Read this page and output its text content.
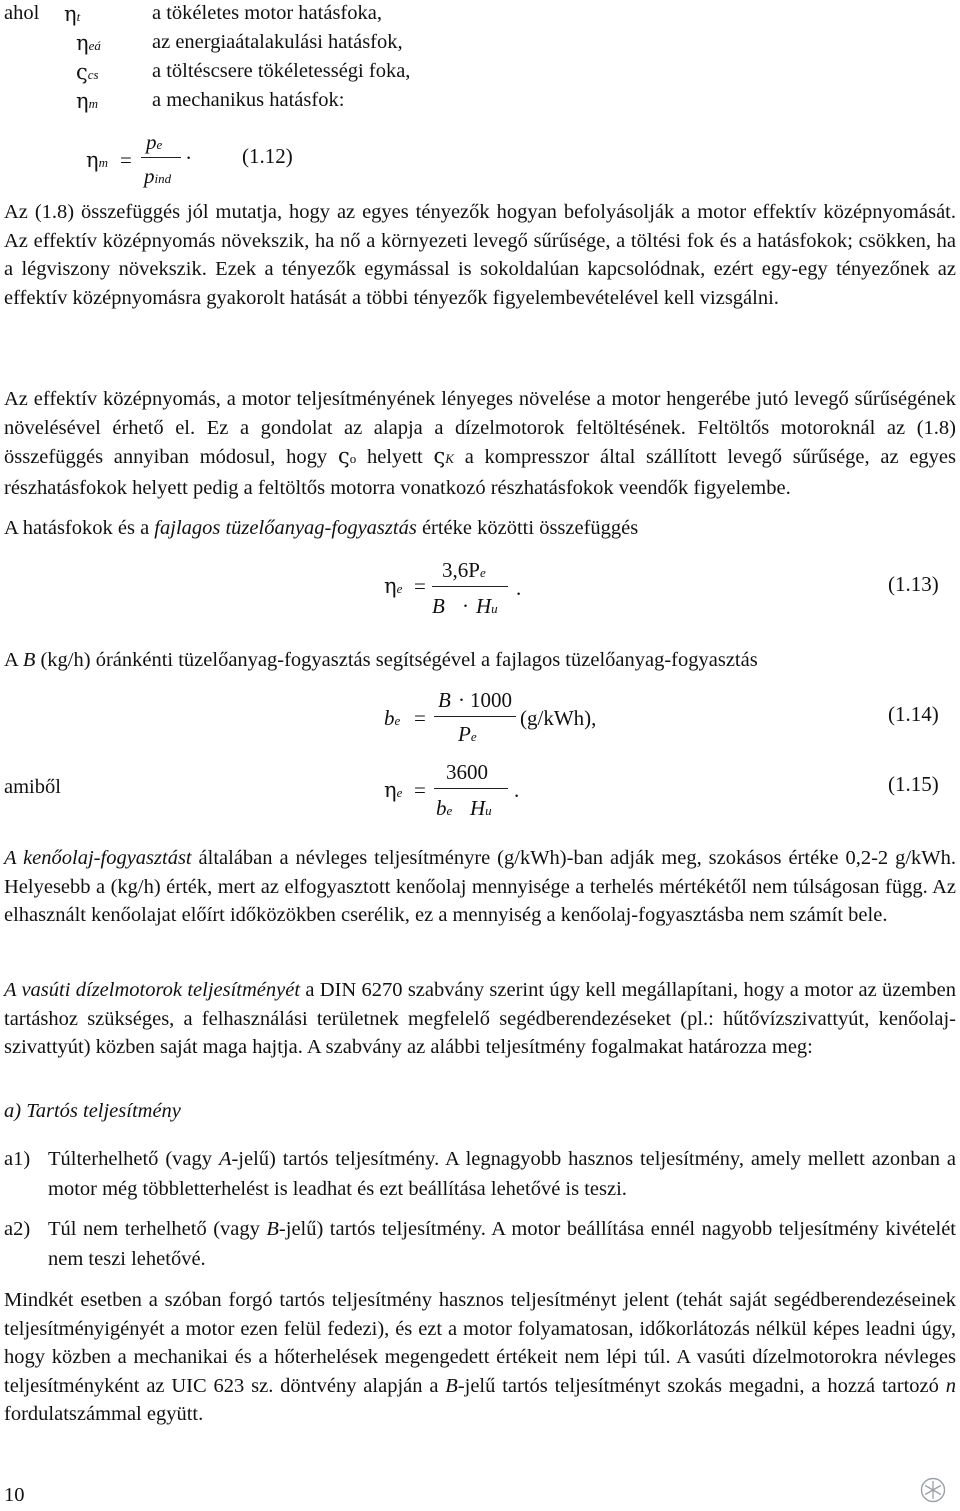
ahol ηt	a tökéletes motor hatásfoka,
ηeá az energiaátalakulási hatásfok,
ςcs	a töltéscsere tökéletességi foka,
ηm	a mechanikus hatásfok:
ηm =
pe
pind
. (1.12)
Az (1.8) összefüggés jól mutatja, hogy az egyes tényezők hogyan befolyásolják a motor effektív középnyomását. Az effektív középnyomás növekszik, ha nő a környezeti levegő sűrűsége, a töltési fok és a hatásfokok; csökken, ha a légviszony növekszik. Ezek a tényezők egymással is sokoldalúan kapcsolódnak, ezért egy-egy tényezőnek az effektív középnyomásra gyakorolt hatását a többi tényezők figyelembevételével kell vizsgálni.
Az effektív középnyomás, a motor teljesítményének lényeges növelése a motor hengerébe jutó levegő sűrűségének növelésével érhető el. Ez a gondolat az alapja a dízelmotorok feltöltésének. Feltöltős motoroknál az (1.8) összefüggés annyiban módosul, hogy ςo helyett ςK a kompresszor által szállított levegő sűrűsége, az egyes részhatásfokok helyett pedig a feltöltős motorra vonatkozó részhatásfokok veendők figyelembe.
A hatásfokok és a fajlagos tüzelőanyag-fogyasztás értéke közötti összefüggés
ηe =
3,6Pe
B · Hu
.	(1.13)
A B (kg/h) óránkénti tüzelőanyag-fogyasztás segítségével a fajlagos tüzelőanyag-fogyasztás
be =
B · 1000
Pe
(g/kWh),	(1.14)
amiből	ηe =
3600
be Hu
.	(1.15)
A kenőolaj-fogyasztást általában a névleges teljesítményre (g/kWh)-ban adják meg, szokásos értéke 0,2-2 g/kWh. Helyesebb a (kg/h) érték, mert az elfogyasztott kenőolaj mennyisége a terhelés mértékétől nem túlságosan függ. Az elhasznált kenőolajat előírt időközökben cserélik, ez a mennyiség a kenőolaj-fogyasztásba nem számít bele.
A vasúti dízelmotorok teljesítményét a DIN 6270 szabvány szerint úgy kell megállapítani, hogy a motor az üzemben tartáshoz szükséges, a felhasználási területnek megfelelő segédberendezéseket (pl.: hűtővízszivattyút, kenőolaj-szivattyút) közben saját maga hajtja. A szabvány az alábbi teljesítmény fogalmakat határozza meg:
a) Tartós teljesítmény
a1) Túlterhelhető (vagy A-jelű) tartós teljesítmény. A legnagyobb hasznos teljesítmény, amely mellett azonban a motor még többletterhelést is leadhat és ezt beállítása lehetővé is teszi.
a2) Túl nem terhelhető (vagy B-jelű) tartós teljesítmény. A motor beállítása ennél nagyobb teljesítmény kivételét nem teszi lehetővé.
Mindkét esetben a szóban forgó tartós teljesítmény hasznos teljesítményt jelent (tehát saját segédberendezéseinek teljesítményigényét a motor ezen felül fedezi), és ezt a motor folyamatosan, időkorlátozás nélkül képes leadni úgy, hogy közben a mechanikai és a hőterhelések megengedett értékeit nem lépi túl. A vasúti dízelmotorokra névleges teljesítményként az UIC 623 sz. döntvény alapján a B-jelű tartós teljesítményt szokás megadni, a hozzá tartozó n fordulatszámmal együtt.
10
